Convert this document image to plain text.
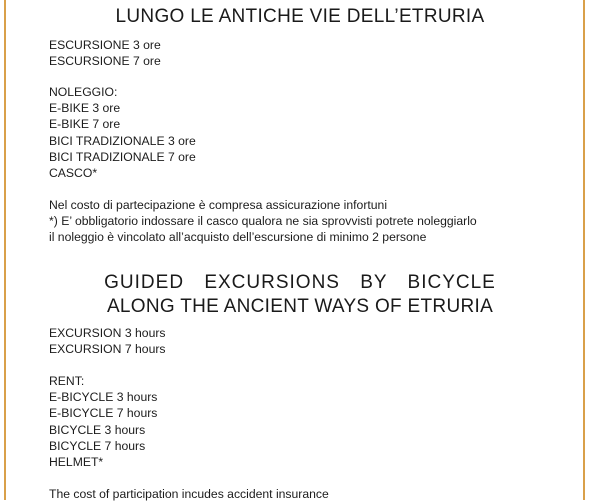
LUNGO LE ANTICHE VIE DELL’ETRURIA
ESCURSIONE 3 ore
ESCURSIONE 7 ore
NOLEGGIO:
E-BIKE 3 ore
E-BIKE 7 ore
BICI TRADIZIONALE 3 ore
BICI TRADIZIONALE 7 ore
CASCO*
Nel costo di partecipazione è compresa assicurazione infortuni
*) E’ obbligatorio indossare il casco qualora ne sia sprovvisti potrete noleggiarlo
il noleggio è vincolato all’acquisto dell’escursione di minimo 2 persone
GUIDED EXCURSIONS BY BICYCLE
ALONG THE ANCIENT WAYS OF ETRURIA
EXCURSION 3 hours
EXCURSION 7 hours
RENT:
E-BICYCLE 3 hours
E-BICYCLE 7 hours
BICYCLE 3 hours
BICYCLE 7 hours
HELMET*
The cost of participation incudes accident insurance
